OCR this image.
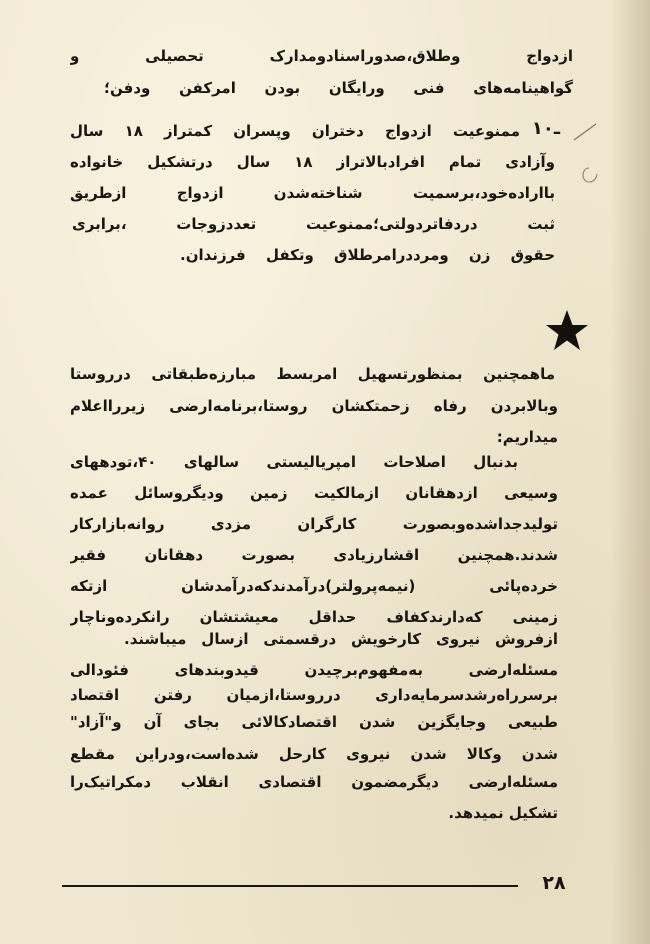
ازدواج وطلاق،صدوراسنادومدارک تحصیلی و
گواهینامه‌های فنی ورایگان بودن امرکفن ودفن؛
۱۰ـ
ممنوعیت ازدواج دختران وپسران کمتراز ۱۸ سال
وآزادی تمام افرادبالاتراز ۱۸ سال درتشکیل خانواده
بااراده‌خود،برسمیت شناخته‌شدن ازدواج ازطریق
ثبت دردفاتردولتی؛ممنوعیت تعددزوجات ،برابری
حقوق زن ومرددرامرطلاق وتکفل فرزندان.
ماهمچنین بمنظورتسهیل امربسط مبارزه‌طبقاتی درروستا
وبالابردن رفاه زحمتکشان روستا،برنامه‌ارضی زیررااعلام
میداریم:
بدنبال اصلاحات امپریالیستی سالهای ۴۰،تودههای
وسیعی ازدهقانان ازمالکیت زمین ودیگروسائل عمده
تولیدجداشده‌وبصورت کارگران مزدی روانه‌بازارکار
شدند.همچنین اقشارزیادی بصورت دهقانان فقیر
خرده‌پائی (نیمه‌پرولتر)درآمدندکه‌درآمدشان ازتکه
زمینی که‌دارندکفاف حداقل معیشتشان رانکرده‌وناچار
ازفروش نیروی کارخویش درقسمتی ازسال میباشند.
مسئله‌ارضی به‌مفهوم‌برچیدن قیدوبندهای فئودالی
برسرراه‌رشدسرمایه‌داری درروستا،ازمیان رفتن اقتصاد
طبیعی وجایگزین شدن اقتصادکالائی بجای آن و"آزاد"
شدن وکالا شدن نیروی کارحل شده‌است،ودراین مقطع
مسئله‌ارضی دیگرمضمون اقتصادی انقلاب دمکراتیک‌را
تشکیل نمیدهد.
۲۸
